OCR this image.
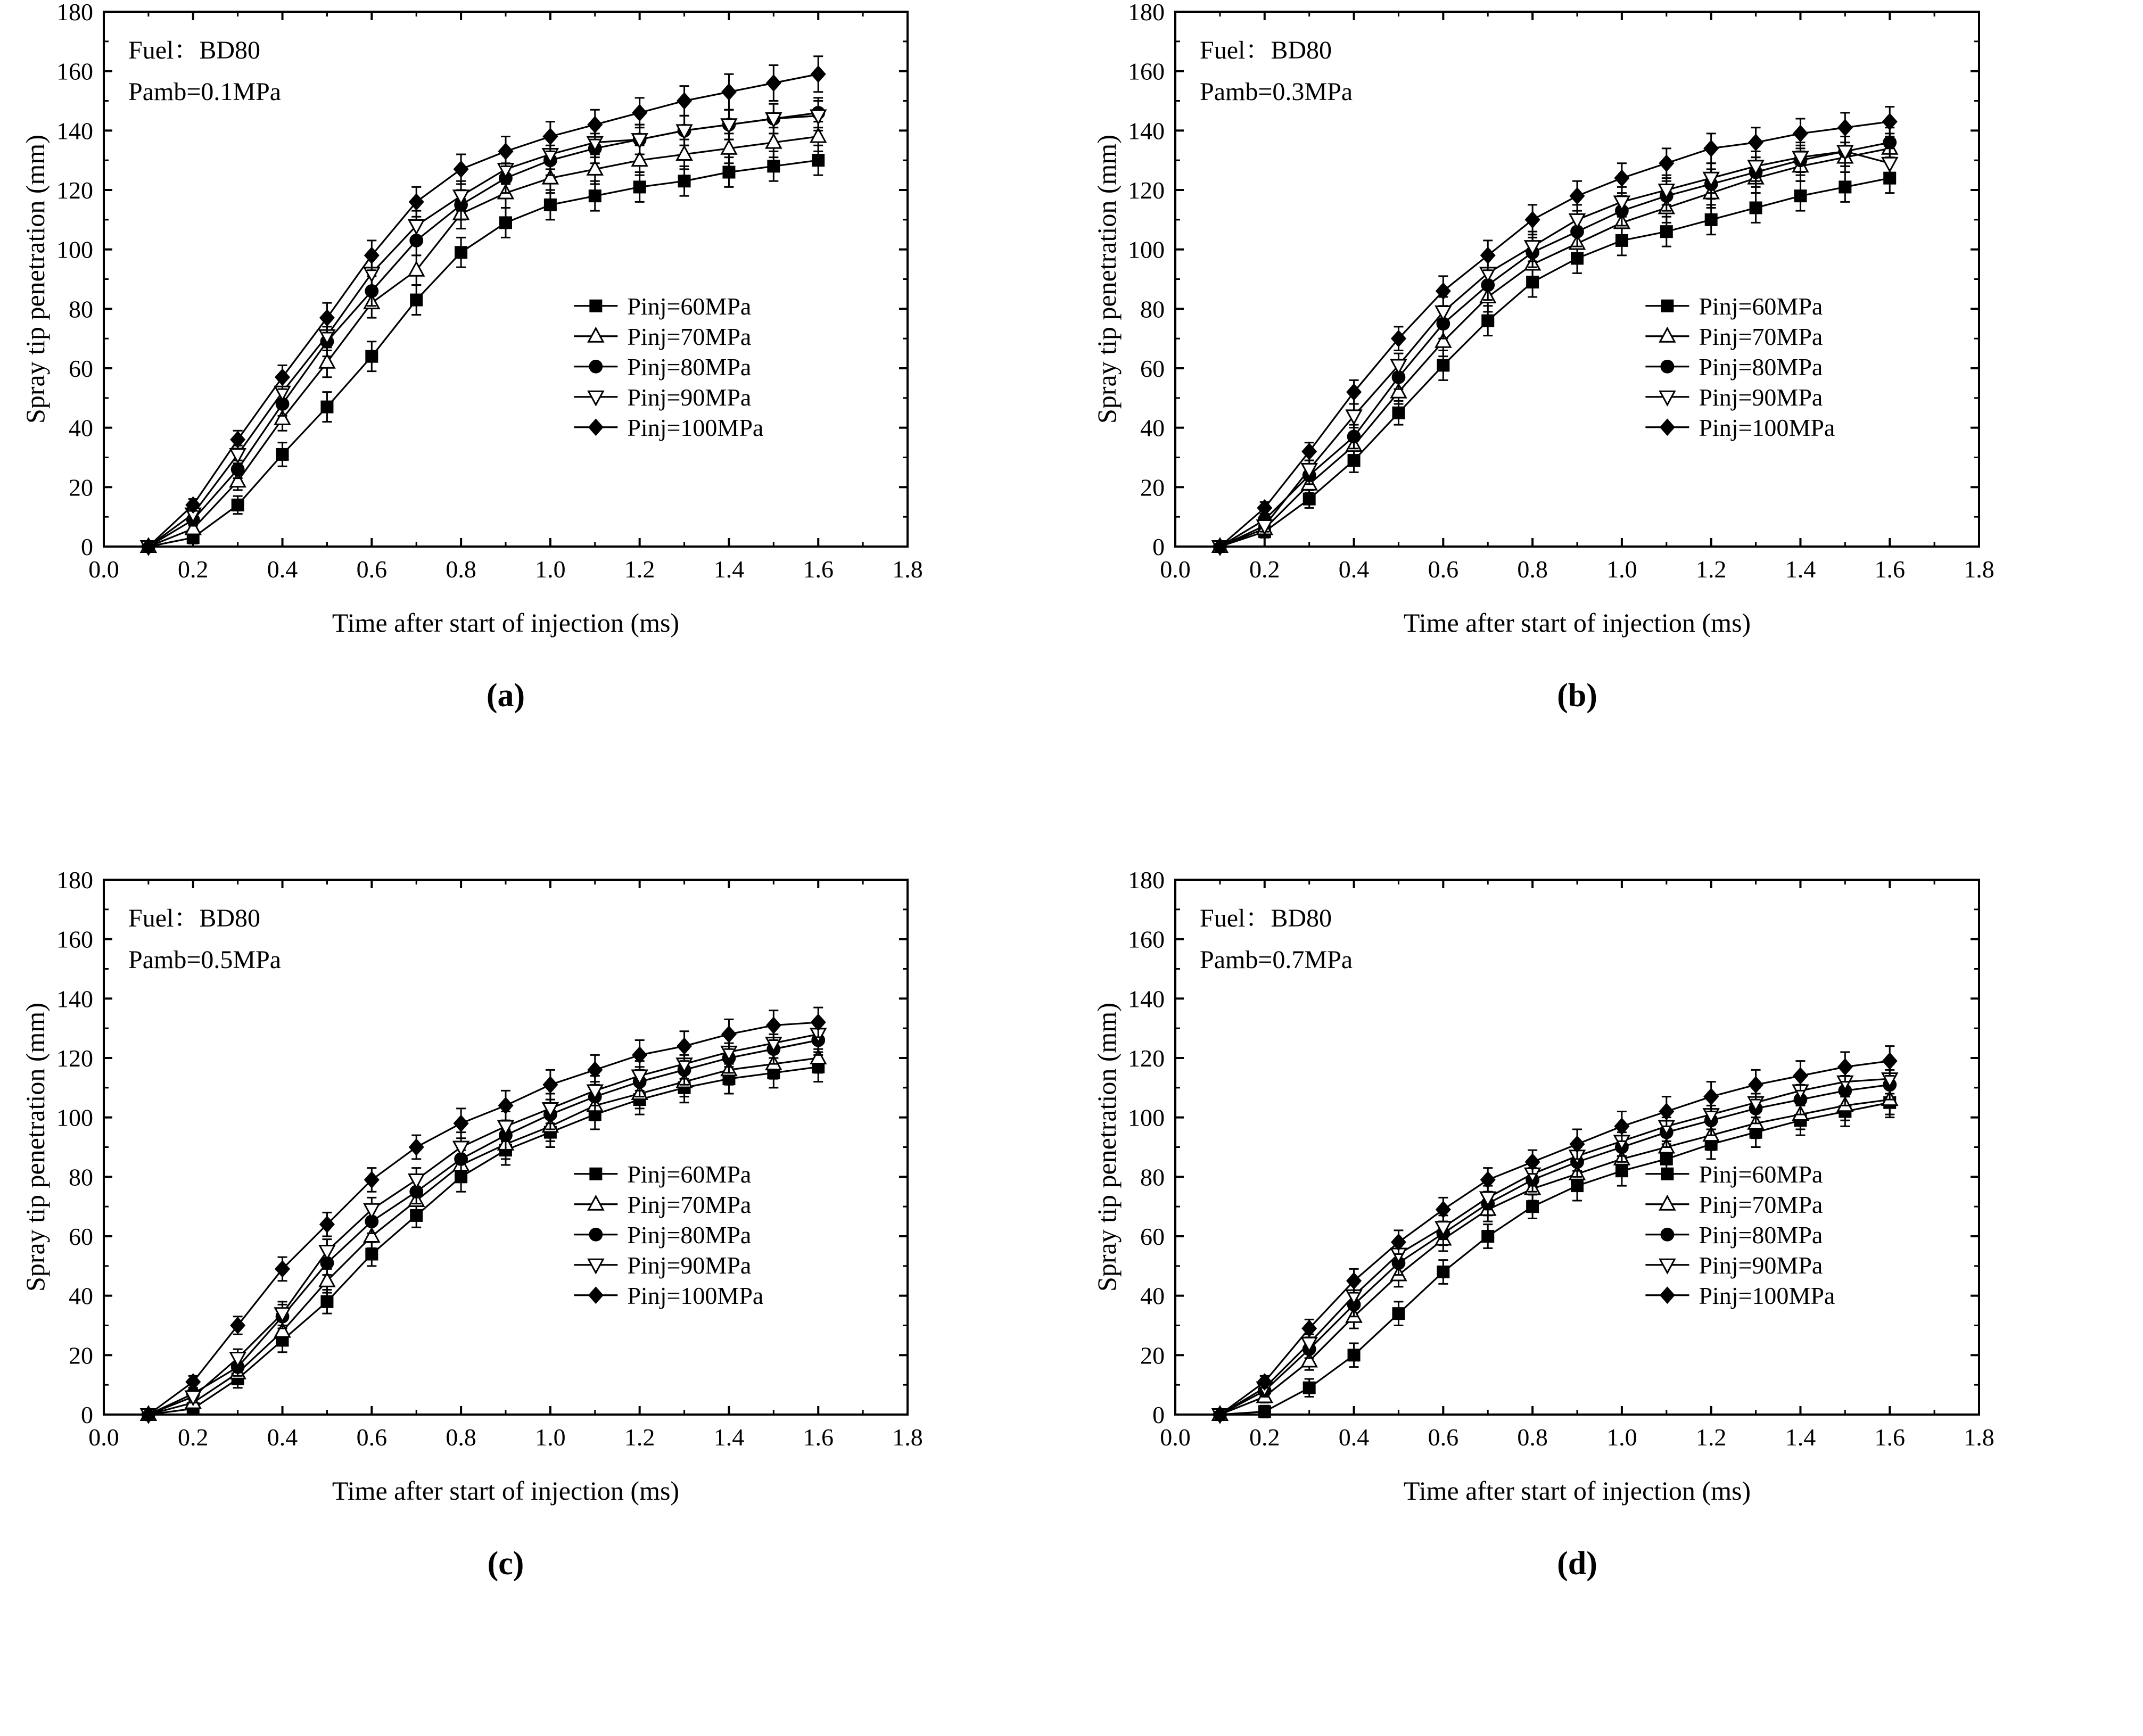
0.0 0.2 0.4 0.6 0.8 1.0 1.2 1.4 1.6 1.8
0
20
40
60
80
100
120
140
160
180
Pinj=60MPa
Pinj=70MPa
Pinj=80MPa
Pinj=90MPa
Pinj=100MPa
Fuel：BD80
Pamb=0.1MPa
Time after start of injection (ms)
Spray tip penetration (mm)
(a)
0.0 0.2 0.4 0.6 0.8 1.0 1.2 1.4 1.6 1.8
0
20
40
60
80
100
120
140
160
180
Pinj=60MPa
Pinj=70MPa
Pinj=80MPa
Pinj=90MPa
Pinj=100MPa
Fuel：BD80
Pamb=0.3MPa
Time after start of injection (ms)
Spray tip penetration (mm)
(b)
0.0 0.2 0.4 0.6 0.8 1.0 1.2 1.4 1.6 1.8
0
20
40
60
80
100
120
140
160
180
Pinj=60MPa
Pinj=70MPa
Pinj=80MPa
Pinj=90MPa
Pinj=100MPa
Fuel：BD80
Pamb=0.5MPa
Time after start of injection (ms)
Spray tip penetration (mm)
(c)
0.0 0.2 0.4 0.6 0.8 1.0 1.2 1.4 1.6 1.8
0
20
40
60
80
100
120
140
160
180
Pinj=60MPa
Pinj=70MPa
Pinj=80MPa
Pinj=90MPa
Pinj=100MPa
Fuel：BD80
Pamb=0.7MPa
Time after start of injection (ms)
Spray tip penetration (mm)
(d)
